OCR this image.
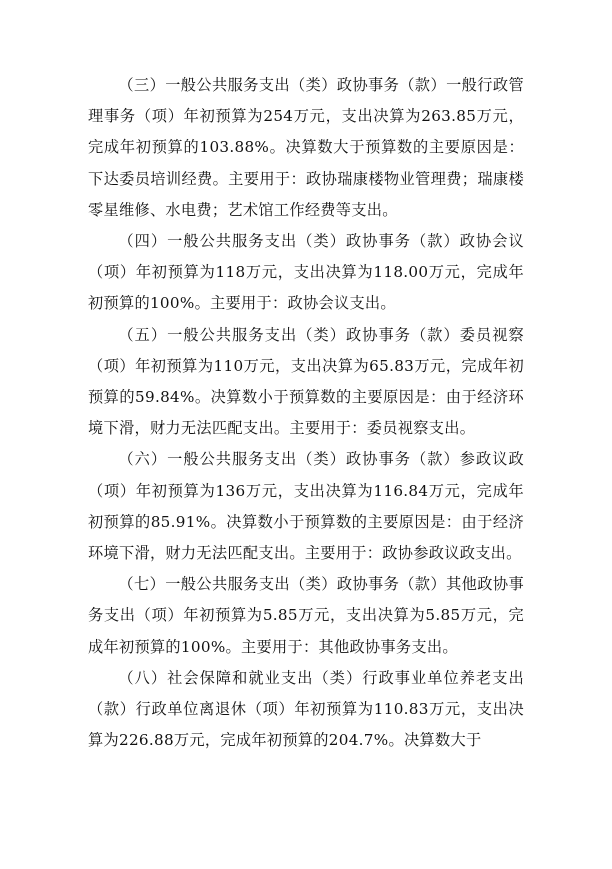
（三）一般公共服务支出（类）政协事务（款）一般行政管理事务（项）年初预算为254万元，支出决算为263.85万元，完成年初预算的103.88%。决算数大于预算数的主要原因是：下达委员培训经费。主要用于：政协瑞康楼物业管理费；瑞康楼零星维修、水电费；艺术馆工作经费等支出。

（四）一般公共服务支出（类）政协事务（款）政协会议（项）年初预算为118万元，支出决算为118.00万元，完成年初预算的100%。主要用于：政协会议支出。

（五）一般公共服务支出（类）政协事务（款）委员视察（项）年初预算为110万元，支出决算为65.83万元，完成年初预算的59.84%。决算数小于预算数的主要原因是：由于经济环境下滑，财力无法匹配支出。主要用于：委员视察支出。

（六）一般公共服务支出（类）政协事务（款）参政议政（项）年初预算为136万元，支出决算为116.84万元，完成年初预算的85.91%。决算数小于预算数的主要原因是：由于经济环境下滑，财力无法匹配支出。主要用于：政协参政议政支出。

（七）一般公共服务支出（类）政协事务（款）其他政协事务支出（项）年初预算为5.85万元，支出决算为5.85万元，完成年初预算的100%。主要用于：其他政协事务支出。

（八）社会保障和就业支出（类）行政事业单位养老支出（款）行政单位离退休（项）年初预算为110.83万元，支出决算为226.88万元，完成年初预算的204.7%。决算数大于
